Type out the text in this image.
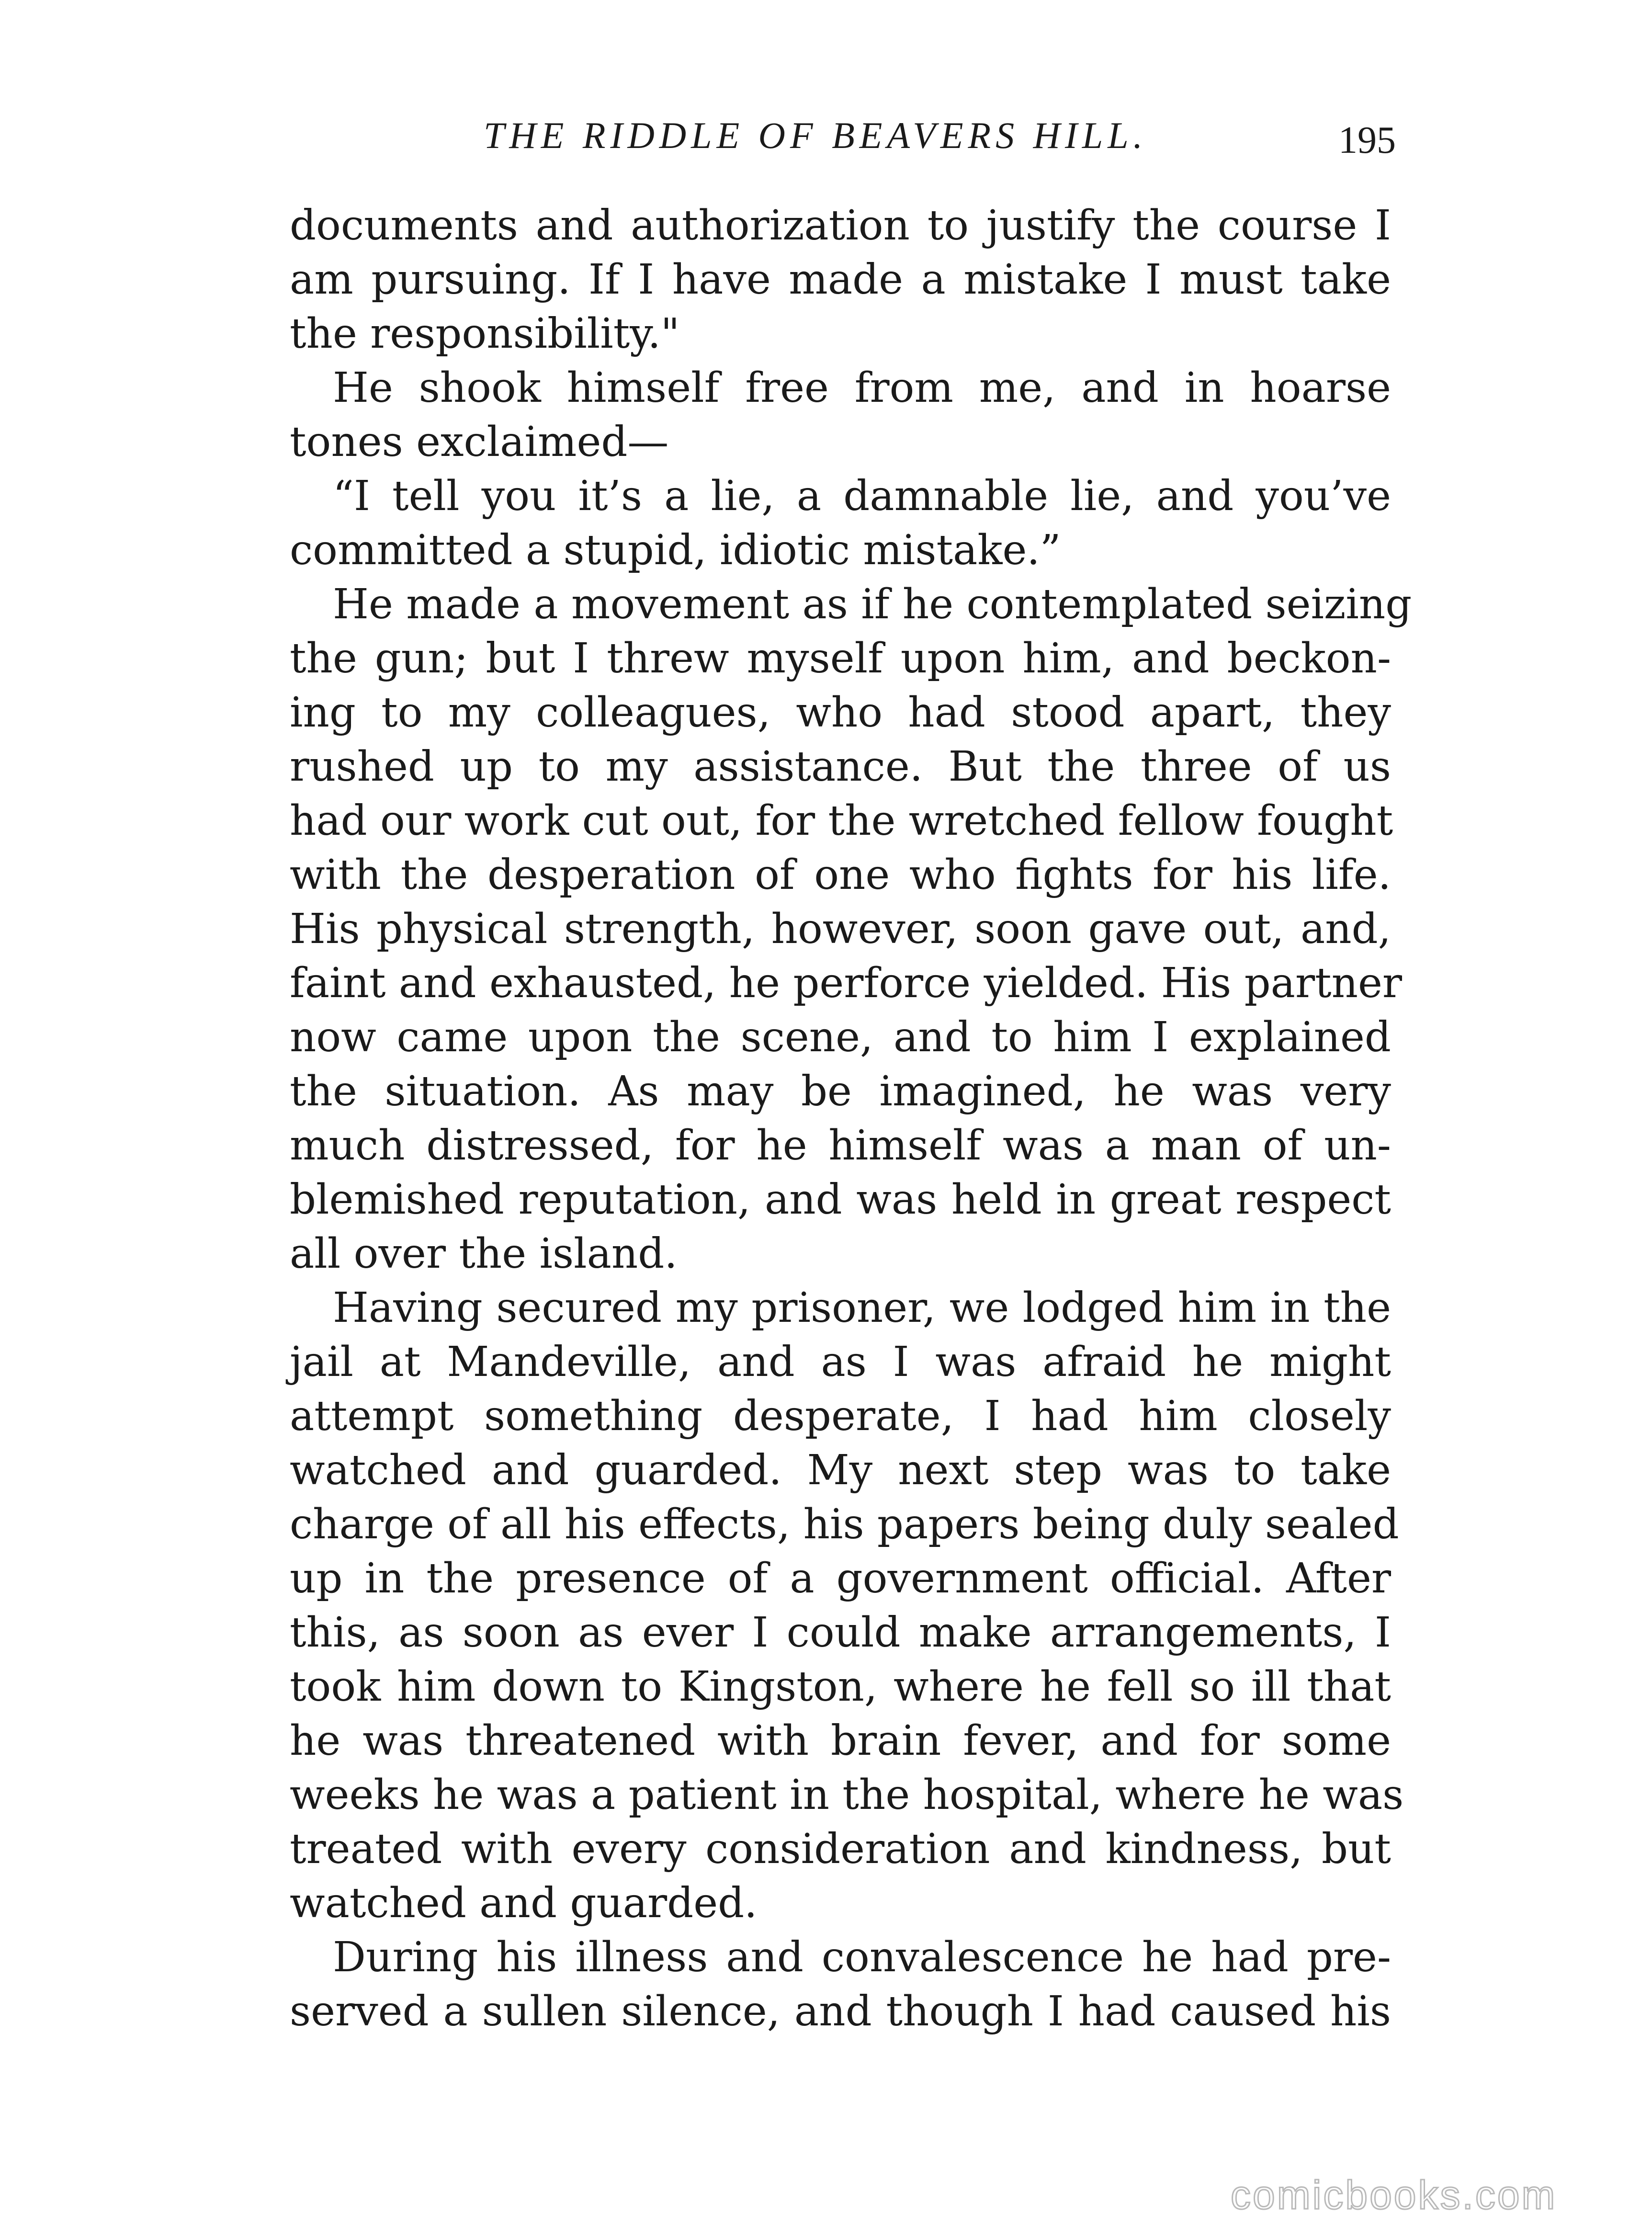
THE RIDDLE OF BEAVERS HILL.	195
documents and authorization to justify the course I
am pursuing. If I have made a mistake I must take
the responsibility."
He shook himself free from me, and in hoarse
tones exclaimed—
“I tell you it’s a lie, a damnable lie, and you’ve
committed a stupid, idiotic mistake.”
He made a movement as if he contemplated seizing
the gun; but I threw myself upon him, and beckon-
ing to my colleagues, who had stood apart, they
rushed up to my assistance. But the three of us
had our work cut out, for the wretched fellow fought
with the desperation of one who fights for his life.
His physical strength, however, soon gave out, and,
faint and exhausted, he perforce yielded. His partner
now came upon the scene, and to him I explained
the situation. As may be imagined, he was very
much distressed, for he himself was a man of un-
blemished reputation, and was held in great respect
all over the island.
Having secured my prisoner, we lodged him in the
jail at Mandeville, and as I was afraid he might
attempt something desperate, I had him closely
watched and guarded. My next step was to take
charge of all his effects, his papers being duly sealed
up in the presence of a government official. After
this, as soon as ever I could make arrangements, I
took him down to Kingston, where he fell so ill that
he was threatened with brain fever, and for some
weeks he was a patient in the hospital, where he was
treated with every consideration and kindness, but
watched and guarded.
During his illness and convalescence he had pre-
served a sullen silence, and though I had caused his
comicbooks.com
